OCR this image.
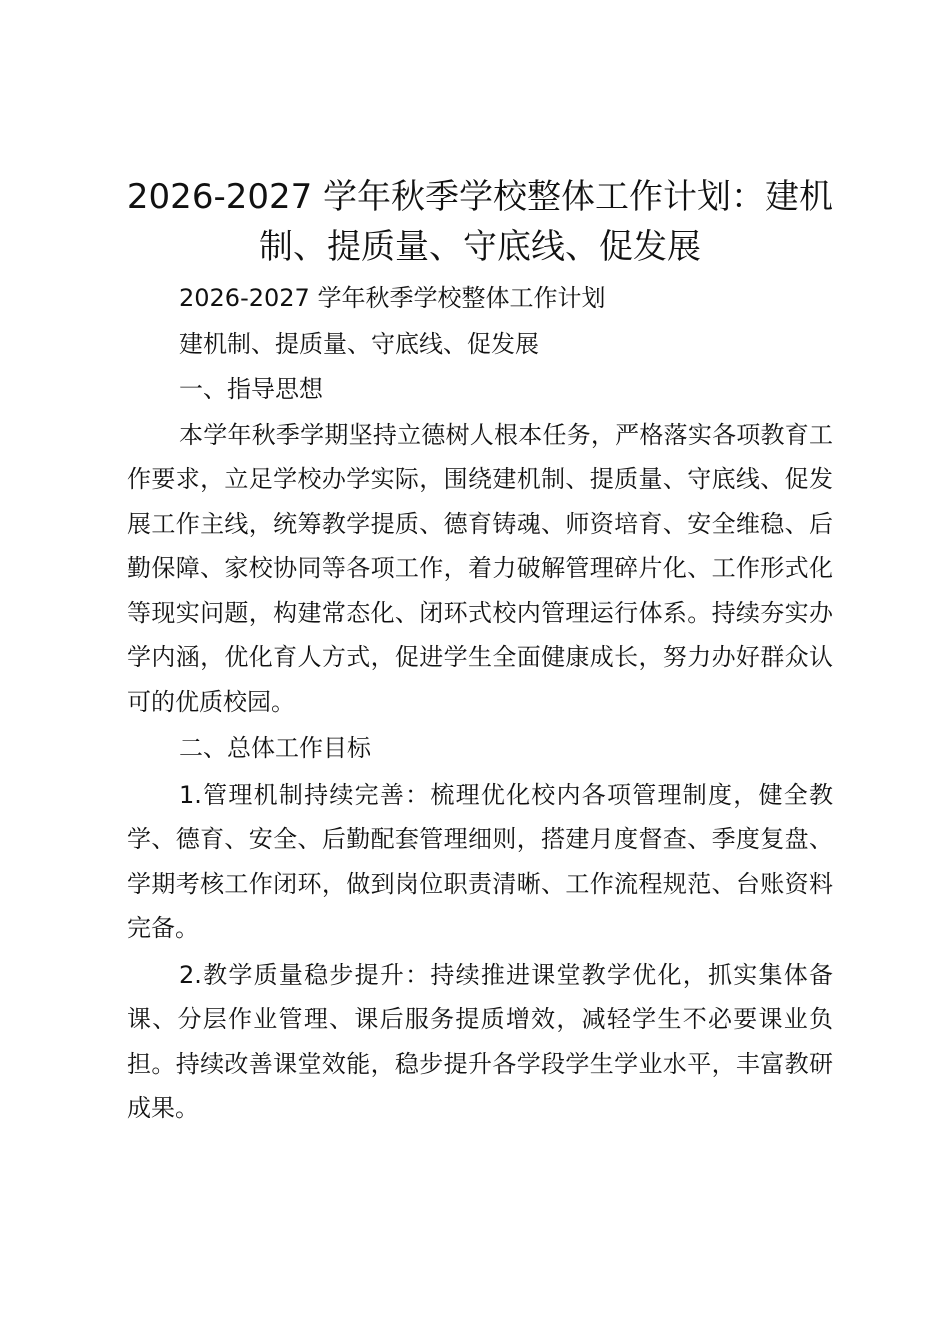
2026-2027 学年秋季学校整体工作计划：建机制、提质量、守底线、促发展

2026-2027 学年秋季学校整体工作计划

建机制、提质量、守底线、促发展

一、指导思想

本学年秋季学期坚持立德树人根本任务，严格落实各项教育工作要求，立足学校办学实际，围绕建机制、提质量、守底线、促发展工作主线，统筹教学提质、德育铸魂、师资培育、安全维稳、后勤保障、家校协同等各项工作，着力破解管理碎片化、工作形式化等现实问题，构建常态化、闭环式校内管理运行体系。持续夯实办学内涵，优化育人方式，促进学生全面健康成长，努力办好群众认可的优质校园。

二、总体工作目标

1.管理机制持续完善：梳理优化校内各项管理制度，健全教学、德育、安全、后勤配套管理细则，搭建月度督查、季度复盘、学期考核工作闭环，做到岗位职责清晰、工作流程规范、台账资料完备。

2.教学质量稳步提升：持续推进课堂教学优化，抓实集体备课、分层作业管理、课后服务提质增效，减轻学生不必要课业负担。持续改善课堂效能，稳步提升各学段学生学业水平，丰富教研成果。
